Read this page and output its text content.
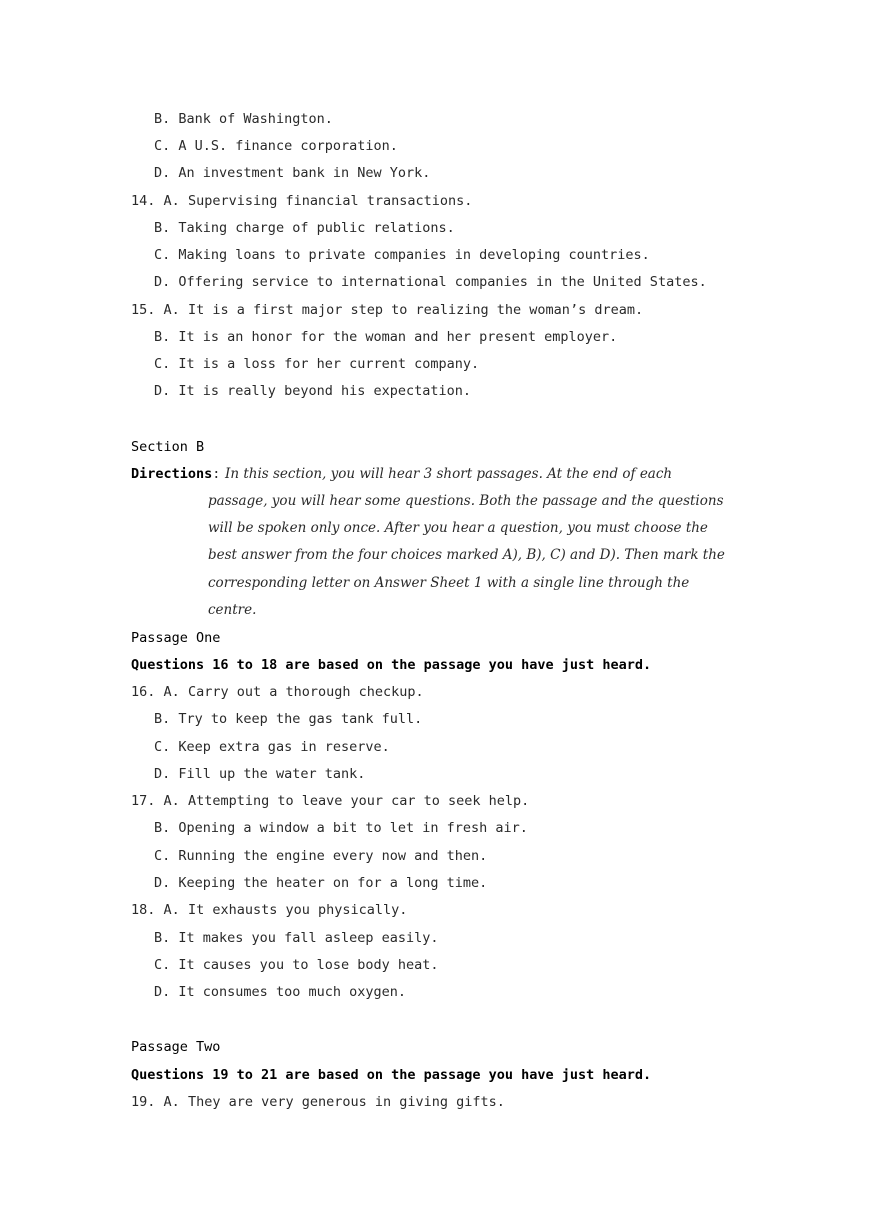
B. Bank of Washington.
C. A U.S. finance corporation.
D. An investment bank in New York.
14. A. Supervising financial transactions.
B. Taking charge of public relations.
C. Making loans to private companies in developing countries.
D. Offering service to international companies in the United States.
15. A. It is a first major step to realizing the woman’s dream.
B. It is an honor for the woman and her present employer.
C. It is a loss for her current company.
D. It is really beyond his expectation.
Section B
Directions: In this section, you will hear 3 short passages. At the end of each
passage, you will hear some questions. Both the passage and the questions
will be spoken only once. After you hear a question, you must choose the
best answer from the four choices marked A), B), C) and D). Then mark the
corresponding letter on Answer Sheet 1 with a single line through the
centre.
Passage One
Questions 16 to 18 are based on the passage you have just heard.
16. A. Carry out a thorough checkup.
B. Try to keep the gas tank full.
C. Keep extra gas in reserve.
D. Fill up the water tank.
17. A. Attempting to leave your car to seek help.
B. Opening a window a bit to let in fresh air.
C. Running the engine every now and then.
D. Keeping the heater on for a long time.
18. A. It exhausts you physically.
B. It makes you fall asleep easily.
C. It causes you to lose body heat.
D. It consumes too much oxygen.
Passage Two
Questions 19 to 21 are based on the passage you have just heard.
19. A. They are very generous in giving gifts.
